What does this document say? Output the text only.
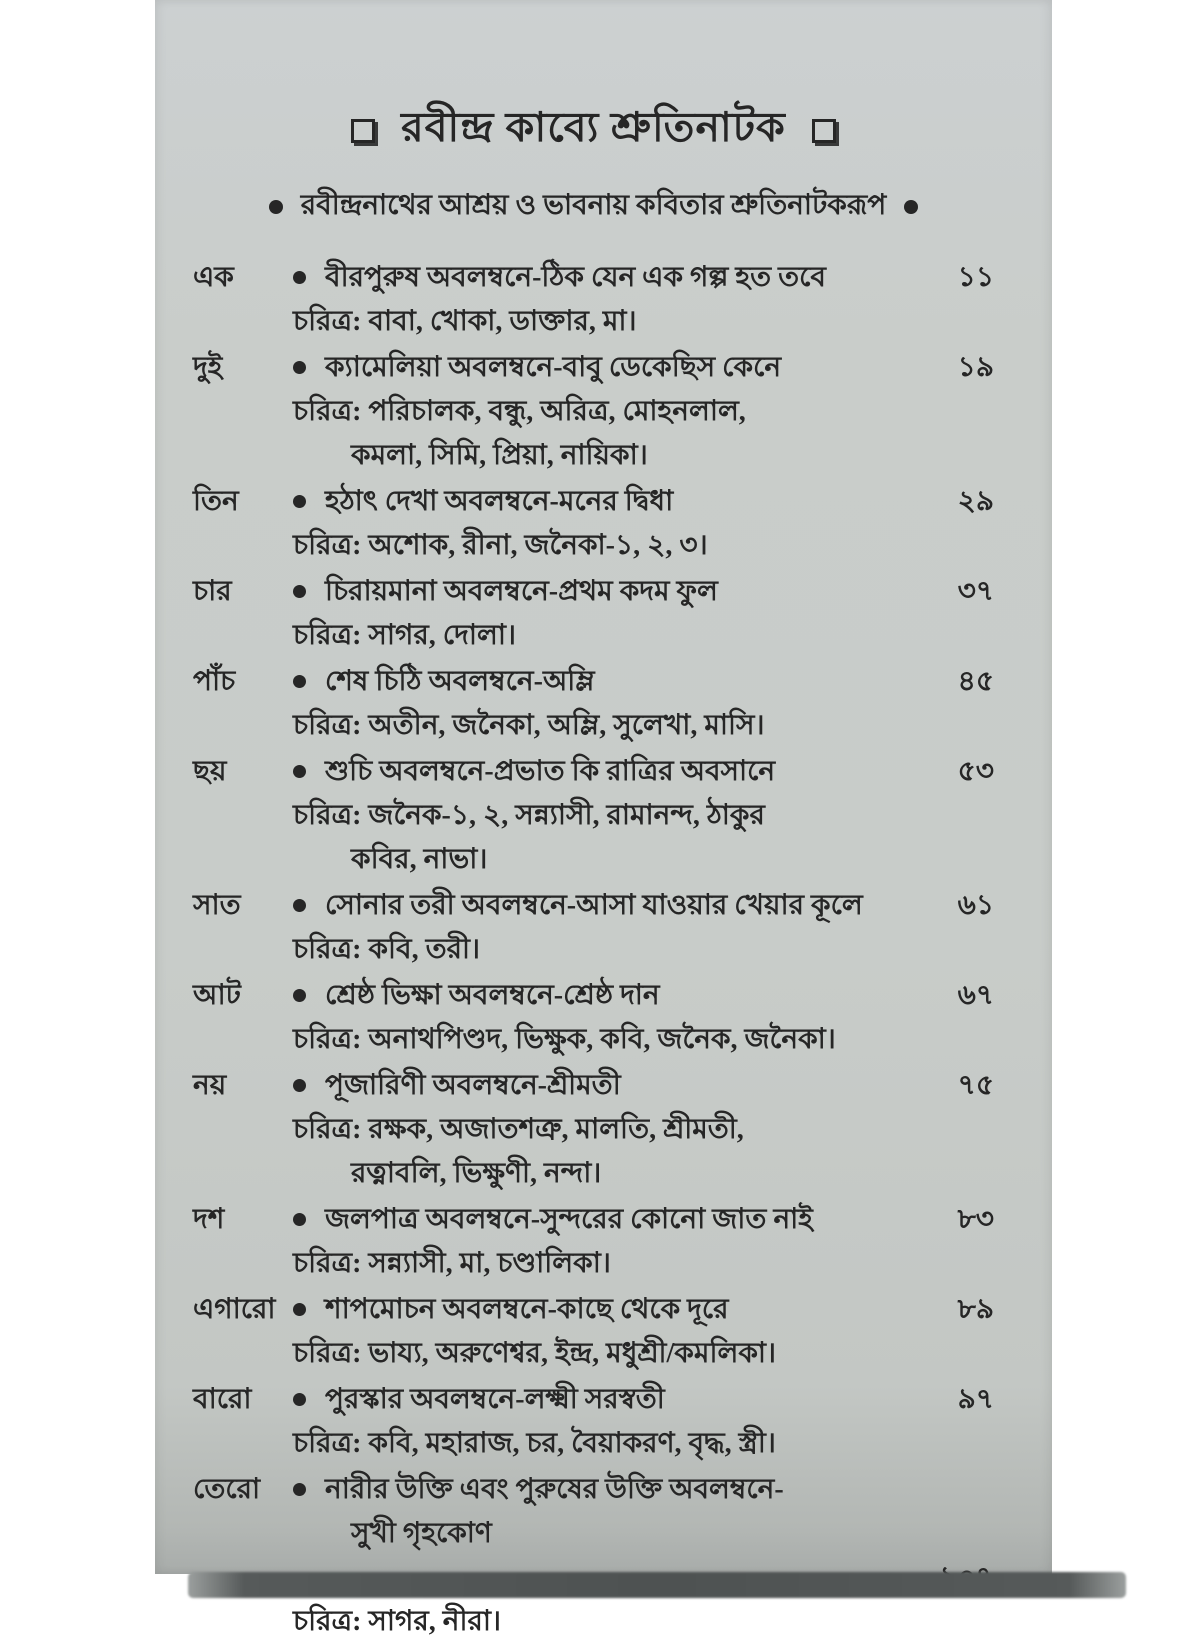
রবীন্দ্র কাব্যে শ্রুতিনাটক
রবীন্দ্রনাথের আশ্রয় ও ভাবনায় কবিতার শ্রুতিনাটকরূপ
এক	বীরপুরুষ অবলম্বনে-ঠিক যেন এক গল্প হত তবে	১১
চরিত্র: বাবা, খোকা, ডাক্তার, মা।
দুই	ক্যামেলিয়া অবলম্বনে-বাবু ডেকেছিস কেনে	১৯
চরিত্র: পরিচালক, বন্ধু, অরিত্র, মোহনলাল,
কমলা, সিমি, প্রিয়া, নায়িকা।
তিন	হঠাৎ দেখা অবলম্বনে-মনের দ্বিধা	২৯
চরিত্র: অশোক, রীনা, জনৈকা-১, ২, ৩।
চার	চিরায়মানা অবলম্বনে-প্রথম কদম ফুল	৩৭
চরিত্র: সাগর, দোলা।
পাঁচ	শেষ চিঠি অবলম্বনে-অম্লি	৪৫
চরিত্র: অতীন, জনৈকা, অম্লি, সুলেখা, মাসি।
ছয়	শুচি অবলম্বনে-প্রভাত কি রাত্রির অবসানে	৫৩
চরিত্র: জনৈক-১, ২, সন্ন্যাসী, রামানন্দ, ঠাকুর
কবির, নাভা।
সাত	সোনার তরী অবলম্বনে-আসা যাওয়ার খেয়ার কূলে	৬১
চরিত্র: কবি, তরী।
আট	শ্রেষ্ঠ ভিক্ষা অবলম্বনে-শ্রেষ্ঠ দান	৬৭
চরিত্র: অনাথপিণ্ডদ, ভিক্ষুক, কবি, জনৈক, জনৈকা।
নয়	পূজারিণী অবলম্বনে-শ্রীমতী	৭৫
চরিত্র: রক্ষক, অজাতশত্রু, মালতি, শ্রীমতী,
রত্নাবলি, ভিক্ষুণী, নন্দা।
দশ	জলপাত্র অবলম্বনে-সুন্দরের কোনো জাত নাই	৮৩
চরিত্র: সন্ন্যাসী, মা, চণ্ডালিকা।
এগারো	শাপমোচন অবলম্বনে-কাছে থেকে দূরে	৮৯
চরিত্র: ভায্য, অরুণেশ্বর, ইন্দ্র, মধুশ্রী/কমলিকা।
বারো	পুরস্কার অবলম্বনে-লক্ষ্মী সরস্বতী	৯৭
চরিত্র: কবি, মহারাজ, চর, বৈয়াকরণ, বৃদ্ধ, স্ত্রী।
তেরো	নারীর উক্তি এবং পুরুষের উক্তি অবলম্বনে-
সুখী গৃহকোণ
চরিত্র: সাগর, নীরা।
